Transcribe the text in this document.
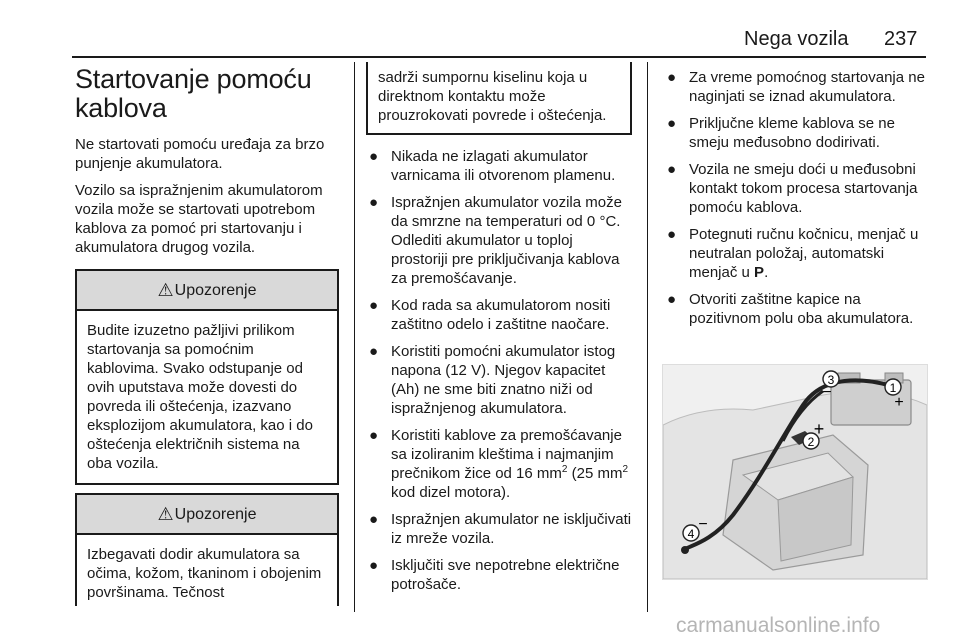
Nega vozila 237
Startovanje pomoću kablova

Ne startovati pomoću uređaja za brzo punjenje akumulatora.

Vozilo sa ispražnjenim akumulatorom vozila može se startovati upotrebom kablova za pomoć pri startovanju i akumulatora drugog vozila.

⚠ Upozorenje
Budite izuzetno pažljivi prilikom startovanja sa pomoćnim kablovima. Svako odstupanje od ovih uputstava može dovesti do povreda ili oštećenja, izazvano eksplozijom akumulatora, kao i do oštećenja električnih sistema na oba vozila.
⚠ Upozorenje
Izbegavati dodir akumulatora sa očima, kožom, tkaninom i obojenim površinama. Tečnost
sadrži sumpornu kiselinu koja u direktnom kontaktu može prouzrokovati povrede i oštećenja.
● Nikada ne izlagati akumulator varnicama ili otvorenom plamenu.
● Ispražnjen akumulator vozila može da smrzne na temperaturi od 0 °C. Odlediti akumulator u toploj prostoriji pre priključivanja kablova za premošćavanje.
● Kod rada sa akumulatorom nositi zaštitno odelo i zaštitne naočare.
● Koristiti pomoćni akumulator istog napona (12 V). Njegov kapacitet (Ah) ne sme biti znatno niži od ispražnjenog akumulatora.
● Koristiti kablove za premošćavanje sa izoliranim kleštima i najmanjim prečnikom žice od 16 $mm^2$ (25 $mm^2$ kod dizel motora).
● Ispražnjen akumulator ne isključivati iz mreže vozila.
● Isključiti sve nepotrebne električne potrošače.
● Za vreme pomoćnog startovanja ne naginjati se iznad akumulatora.
● Priključne kleme kablova se ne smeju međusobno dodirivati.
● Vozila ne smeju doći u međusobni kontakt tokom procesa startovanja pomoću kablova.
● Potegnuti ručnu kočnicu, menjač u neutralan položaj, automatski menjač u P.
● Otvoriti zaštitne kapice na pozitivnom polu oba akumulatora.
1
2
3
4
+
+
−
−
carmanualsonline.info
